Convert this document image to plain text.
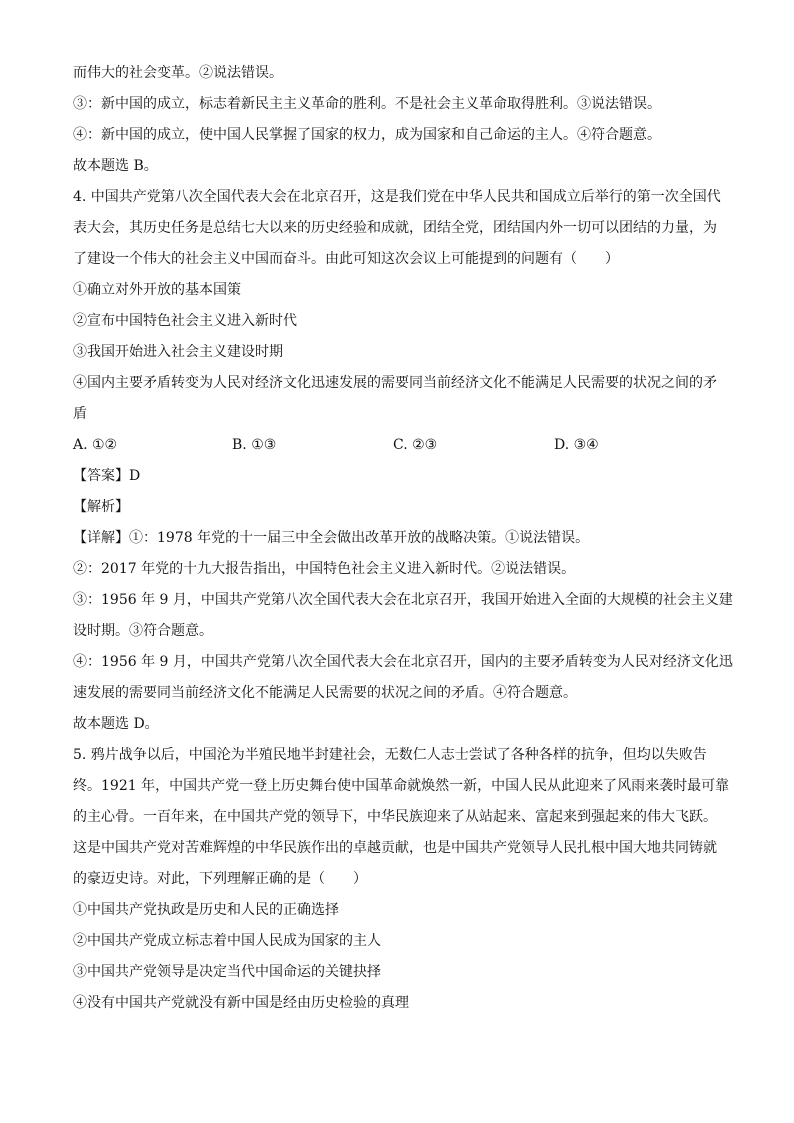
而伟大的社会变革。②说法错误。
③：新中国的成立，标志着新民主主义革命的胜利。不是社会主义革命取得胜利。③说法错误。
④：新中国的成立，使中国人民掌握了国家的权力，成为国家和自己命运的主人。④符合题意。
故本题选 B。
4. 中国共产党第八次全国代表大会在北京召开，这是我们党在中华人民共和国成立后举行的第一次全国代
表大会，其历史任务是总结七大以来的历史经验和成就，团结全党，团结国内外一切可以团结的力量，为
了建设一个伟大的社会主义中国而奋斗。由此可知这次会议上可能提到的问题有（　　）
①确立对外开放的基本国策
②宣布中国特色社会主义进入新时代
③我国开始进入社会主义建设时期
④国内主要矛盾转变为人民对经济文化迅速发展的需要同当前经济文化不能满足人民需要的状况之间的矛
盾
A. ①②	B. ①③	C. ②③	D. ③④
【答案】D
【解析】
【详解】①：1978 年党的十一届三中全会做出改革开放的战略决策。①说法错误。
②：2017 年党的十九大报告指出，中国特色社会主义进入新时代。②说法错误。
③：1956 年 9 月，中国共产党第八次全国代表大会在北京召开，我国开始进入全面的大规模的社会主义建
设时期。③符合题意。
④：1956 年 9 月，中国共产党第八次全国代表大会在北京召开，国内的主要矛盾转变为人民对经济文化迅
速发展的需要同当前经济文化不能满足人民需要的状况之间的矛盾。④符合题意。
故本题选 D。
5. 鸦片战争以后，中国沦为半殖民地半封建社会，无数仁人志士尝试了各种各样的抗争，但均以失败告
终。1921 年，中国共产党一登上历史舞台使中国革命就焕然一新，中国人民从此迎来了风雨来袭时最可靠
的主心骨。一百年来，在中国共产党的领导下，中华民族迎来了从站起来、富起来到强起来的伟大飞跃。
这是中国共产党对苦难辉煌的中华民族作出的卓越贡献，也是中国共产党领导人民扎根中国大地共同铸就
的豪迈史诗。对此，下列理解正确的是（　　）
①中国共产党执政是历史和人民的正确选择
②中国共产党成立标志着中国人民成为国家的主人
③中国共产党领导是决定当代中国命运的关键抉择
④没有中国共产党就没有新中国是经由历史检验的真理
